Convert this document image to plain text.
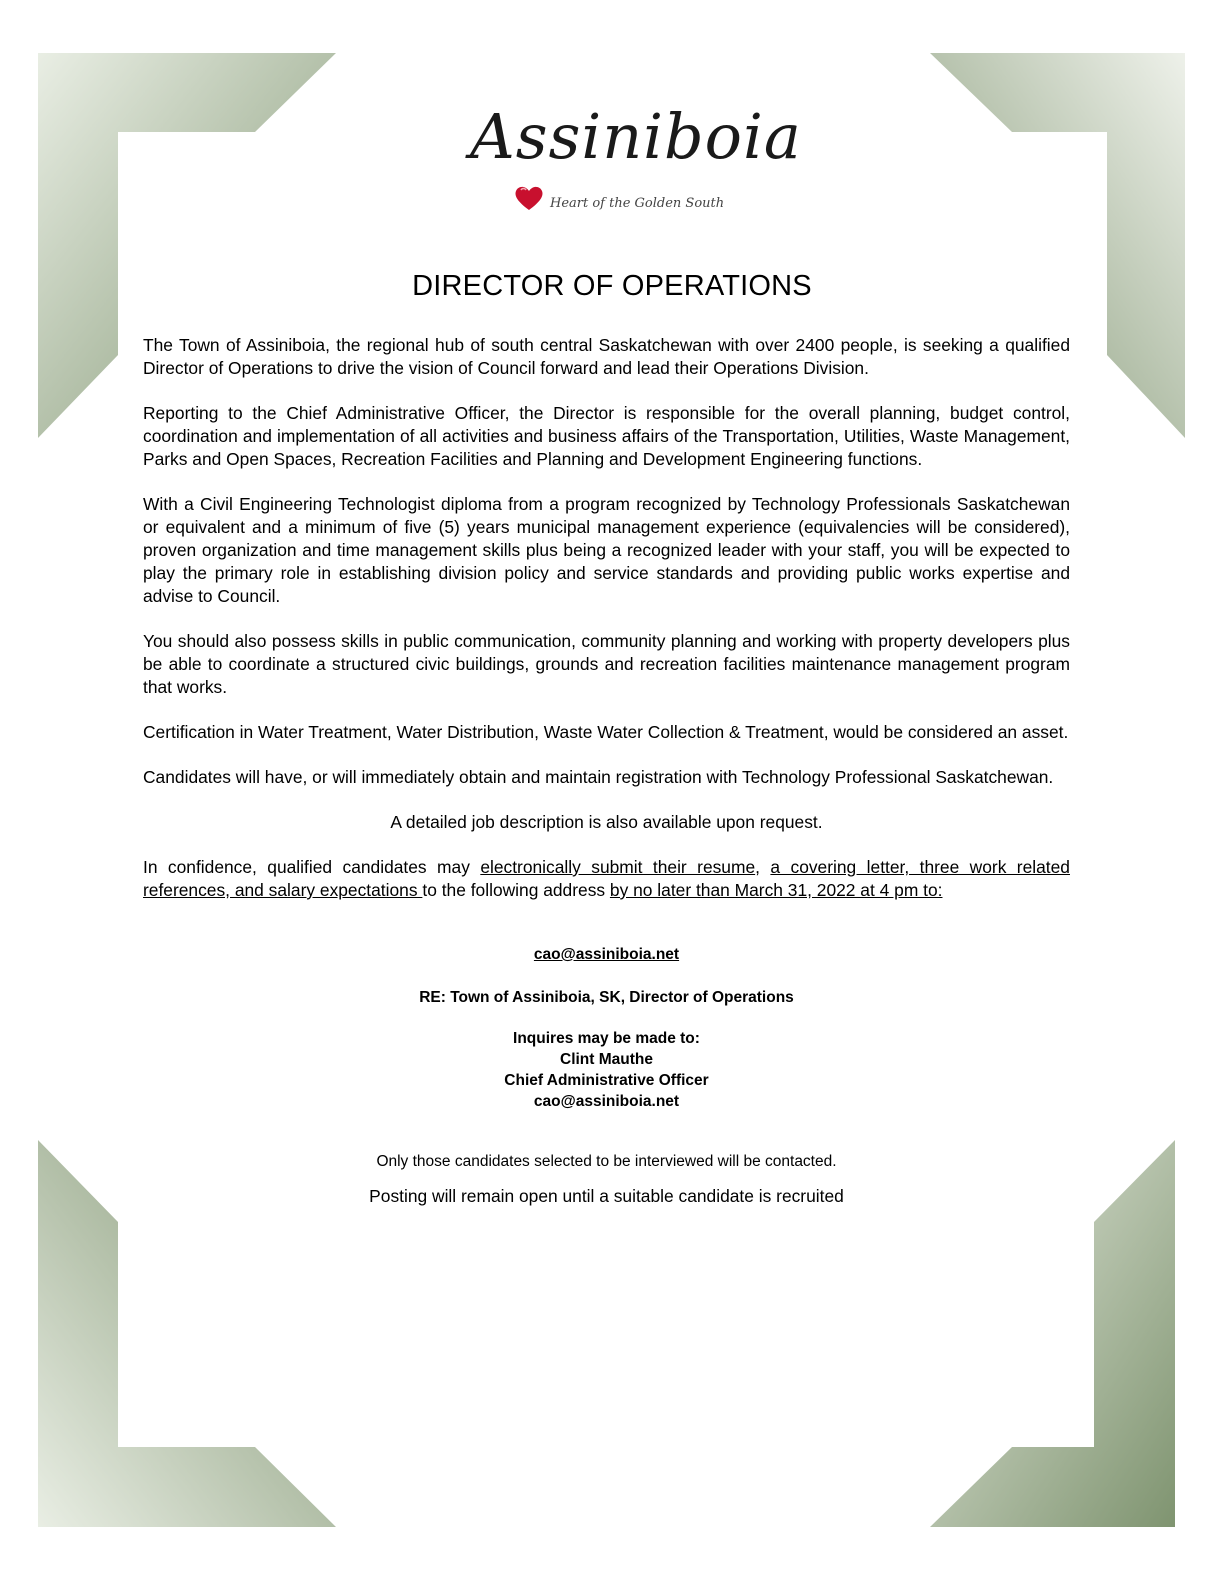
Assiniboia
Heart of the Golden South
DIRECTOR OF OPERATIONS

The Town of Assiniboia, the regional hub of south central Saskatchewan with over 2400 people, is seeking a qualified Director of Operations to drive the vision of Council forward and lead their Operations Division.

Reporting to the Chief Administrative Officer, the Director is responsible for the overall planning, budget control, coordination and implementation of all activities and business affairs of the Transportation, Utilities, Waste Management, Parks and Open Spaces, Recreation Facilities and Planning and Development Engineering functions.

With a Civil Engineering Technologist diploma from a program recognized by Technology Professionals Saskatchewan or equivalent and a minimum of five (5) years municipal management experience (equivalencies will be considered), proven organization and time management skills plus being a recognized leader with your staff, you will be expected to play the primary role in establishing division policy and service standards and providing public works expertise and advise to Council.

You should also possess skills in public communication, community planning and working with property developers plus be able to coordinate a structured civic buildings, grounds and recreation facilities maintenance management program that works.

Certification in Water Treatment, Water Distribution, Waste Water Collection & Treatment, would be considered an asset.

Candidates will have, or will immediately obtain and maintain registration with Technology Professional Saskatchewan.

A detailed job description is also available upon request.

In confidence, qualified candidates may electronically submit their resume, a covering letter, three work related references, and salary expectations to the following address by no later than March 31, 2022 at 4 pm to:

cao@assiniboia.net
RE: Town of Assiniboia, SK, Director of Operations
Inquires may be made to:
Clint Mauthe
Chief Administrative Officer
cao@assiniboia.net
Only those candidates selected to be interviewed will be contacted.
Posting will remain open until a suitable candidate is recruited
